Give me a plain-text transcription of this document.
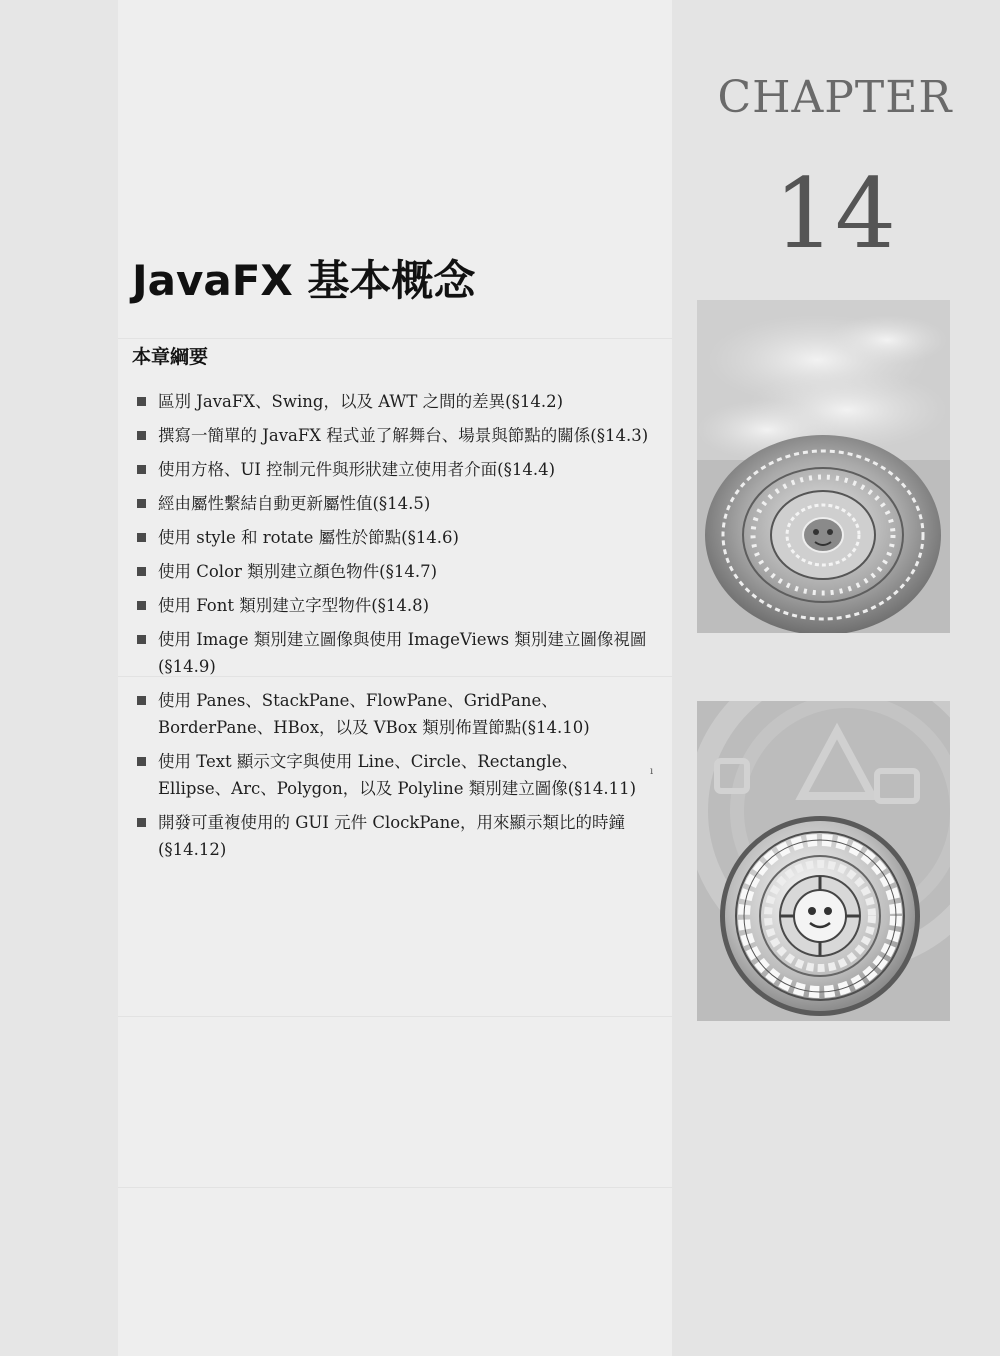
CHAPTER
14
JavaFX 基本概念
本章綱要
區別 JavaFX、Swing，以及 AWT 之間的差異(§14.2)
撰寫一簡單的 JavaFX 程式並了解舞台、場景與節點的關係(§14.3)
使用方格、UI 控制元件與形狀建立使用者介面(§14.4)
經由屬性繫結自動更新屬性值(§14.5)
使用 style 和 rotate 屬性於節點(§14.6)
使用 Color 類別建立顏色物件(§14.7)
使用 Font 類別建立字型物件(§14.8)
使用 Image 類別建立圖像與使用 ImageViews 類別建立圖像視圖(§14.9)
使用 Panes、StackPane、FlowPane、GridPane、BorderPane、HBox，以及 VBox 類別佈置節點(§14.10)
使用 Text 顯示文字與使用 Line、Circle、Rectangle、Ellipse、Arc、Polygon，以及 Polyline 類別建立圖像(§14.11)
開發可重複使用的 GUI 元件 ClockPane，用來顯示類比的時鐘(§14.12)
ı
